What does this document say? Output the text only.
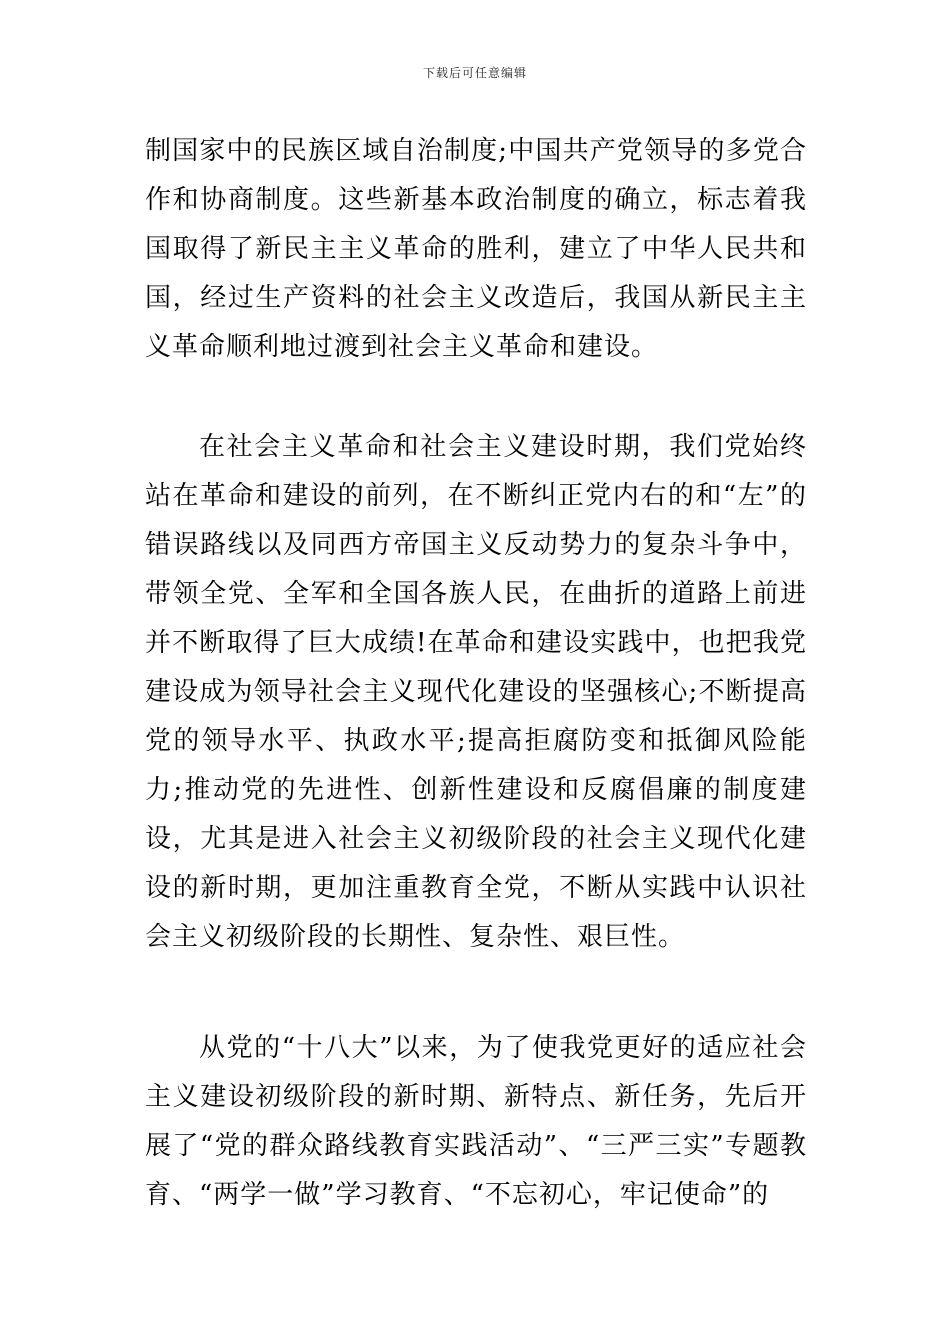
下载后可任意编辑

制国家中的民族区域自治制度;中国共产党领导的多党合作和协商制度。这些新基本政治制度的确立，标志着我国取得了新民主主义革命的胜利，建立了中华人民共和国，经过生产资料的社会主义改造后，我国从新民主主义革命顺利地过渡到社会主义革命和建设。

在社会主义革命和社会主义建设时期，我们党始终站在革命和建设的前列，在不断纠正党内右的和“左”的错误路线以及同西方帝国主义反动势力的复杂斗争中，带领全党、全军和全国各族人民，在曲折的道路上前进并不断取得了巨大成绩!在革命和建设实践中，也把我党建设成为领导社会主义现代化建设的坚强核心;不断提高党的领导水平、执政水平;提高拒腐防变和抵御风险能力;推动党的先进性、创新性建设和反腐倡廉的制度建设，尤其是进入社会主义初级阶段的社会主义现代化建设的新时期，更加注重教育全党，不断从实践中认识社会主义初级阶段的长期性、复杂性、艰巨性。

从党的“十八大”以来，为了使我党更好的适应社会主义建设初级阶段的新时期、新特点、新任务，先后开展了“党的群众路线教育实践活动”、“三严三实”专题教育、“两学一做”学习教育、“不忘初心，牢记使命”的
